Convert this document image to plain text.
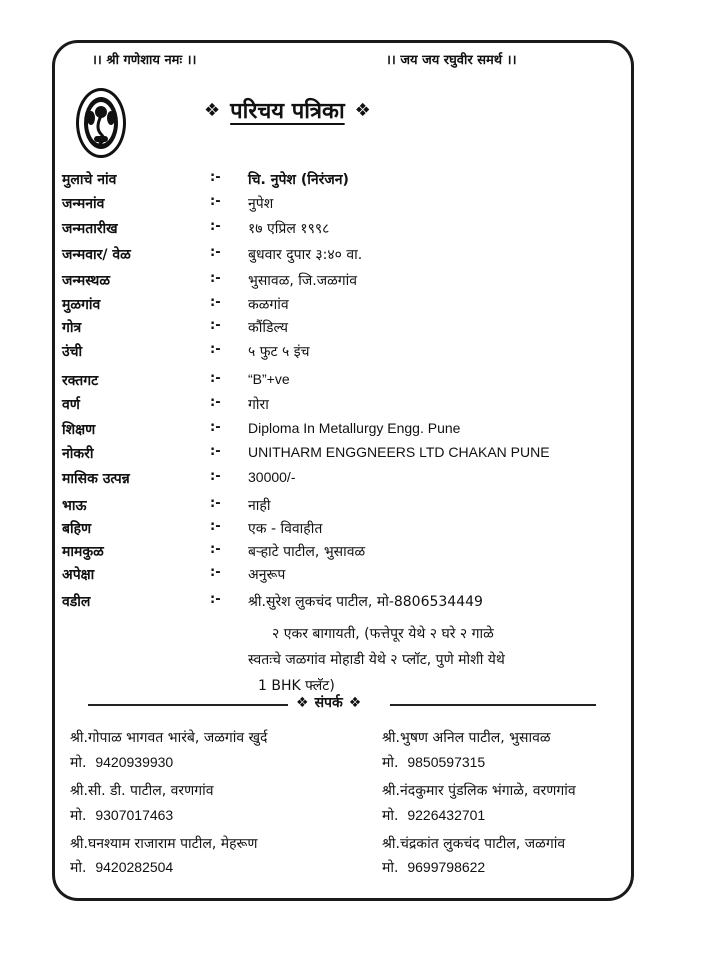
।। श्री गणेशाय नमः ।।	।। जय जय रघुवीर समर्थ ।।
❖ परिचय पत्रिका ❖
मुलाचे नांव	:- चि. नुपेश (निरंजन)
जन्मनांव	:- नुपेश
जन्मतारीख	:- १७ एप्रिल १९९८
जन्मवार/ वेळ	:- बुधवार दुपार ३:४० वा.
जन्मस्थळ	:- भुसावळ, जि.जळगांव
मुळगांव	:- कळगांव
गोत्र	:- कौंडिल्य
उंची	:- ५ फुट ५ इंच
रक्तगट	:- “B”+ve
वर्ण	:- गोरा
शिक्षण	:- Diploma In Metallurgy Engg. Pune
नोकरी	:- UNITHARM ENGGNEERS LTD CHAKAN PUNE
मासिक उत्पन्न	:- 30000/-
भाऊ	:- नाही
बहिण	:- एक - विवाहीत
मामकुळ	:- बऱ्हाटे पाटील, भुसावळ
अपेक्षा	:- अनुरूप
वडील	:- श्री.सुरेश लुकचंद पाटील, मो-8806534449
२ एकर बागायती, (फत्तेपूर येथे २ घरे २ गाळे
स्वतःचे जळगांव मोहाडी येथे २ प्लॉट, पुणे मोशी येथे
1 BHK फ्लॅट)
❖ संपर्क ❖
श्री.गोपाळ भागवत भारंबे, जळगांव खुर्द
मो. 9420939930
श्री.भुषण अनिल पाटील, भुसावळ
मो. 9850597315
श्री.सी. डी. पाटील, वरणगांव
मो. 9307017463
श्री.नंदकुमार पुंडलिक भंगाळे, वरणगांव
मो. 9226432701
श्री.घनश्याम राजाराम पाटील, मेहरूण
मो. 9420282504
श्री.चंद्रकांत लुकचंद पाटील, जळगांव
मो. 9699798622
